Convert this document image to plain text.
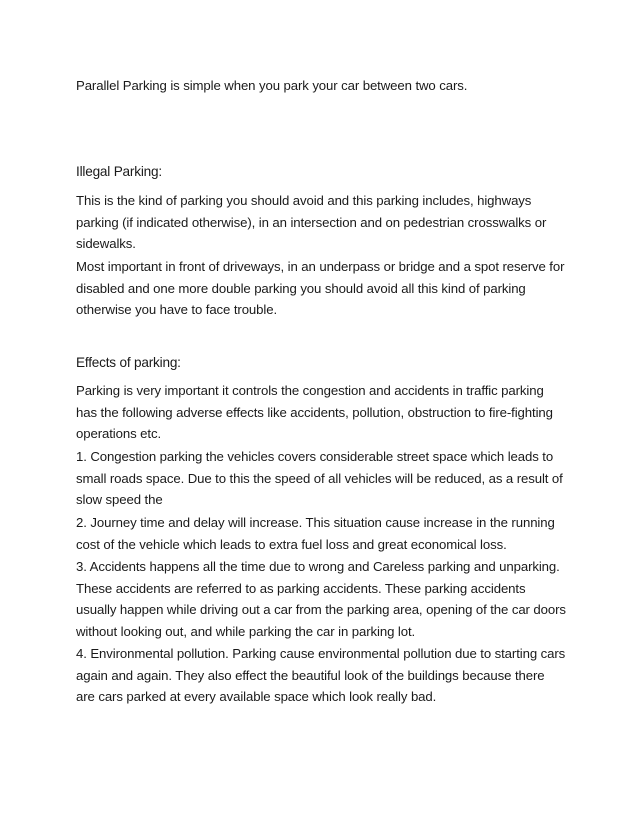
Parallel Parking is simple when you park your car between two cars.

Illegal Parking:

This is the kind of parking you should avoid and this parking includes, highways parking (if indicated otherwise), in an intersection and on pedestrian crosswalks or sidewalks.

Most important in front of driveways, in an underpass or bridge and a spot reserve for disabled and one more double parking you should avoid all this kind of parking otherwise you have to face trouble.

Effects of parking:

Parking is very important it controls the congestion and accidents in traffic parking has the following adverse effects like accidents, pollution, obstruction to fire-fighting operations etc.

1. Congestion parking the vehicles covers considerable street space which leads to small roads space. Due to this the speed of all vehicles will be reduced, as a result of slow speed the

2. Journey time and delay will increase. This situation cause increase in the running cost of the vehicle which leads to extra fuel loss and great economical loss.

3. Accidents happens all the time due to wrong and Careless parking and unparking. These accidents are referred to as parking accidents. These parking accidents usually happen while driving out a car from the parking area, opening of the car doors without looking out, and while parking the car in parking lot.

4. Environmental pollution. Parking cause environmental pollution due to starting cars again and again. They also effect the beautiful look of the buildings because there are cars parked at every available space which look really bad.
